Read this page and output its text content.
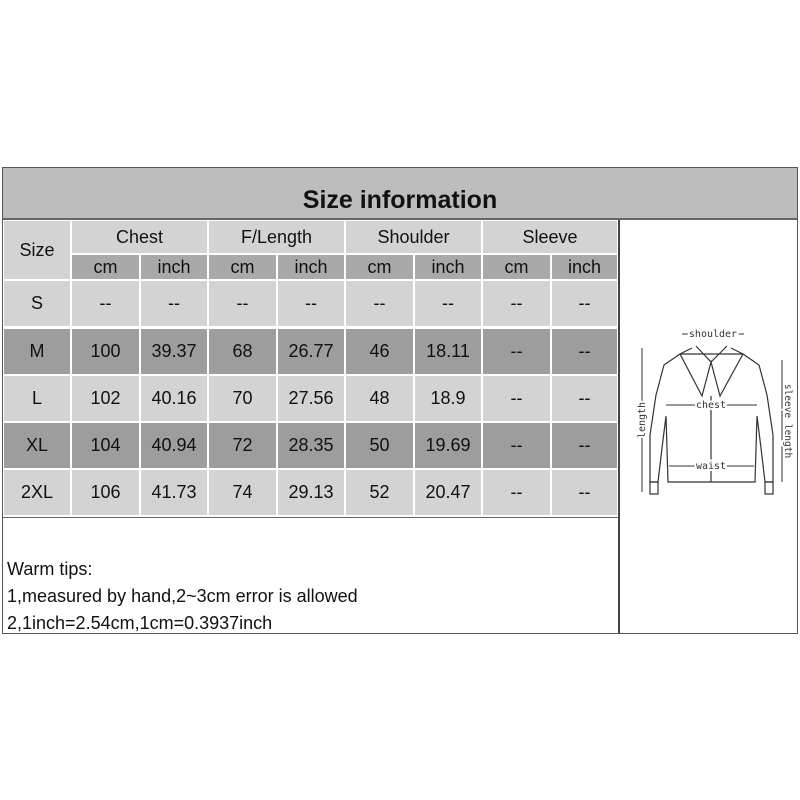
Size information
Size
Chest
cm	inch
F/Length
cm	inch
Shoulder
cm	inch
Sleeve
cm	inch
S	--	--	--	--	--	--	--	--
M	100	39.37	68	26.77	46	18.11	--	--
L	102	40.16	70	27.56	48	18.9	--	--
XL	104	40.94	72	28.35	50	19.69	--	--
2XL	106	41.73	74	29.13	52	20.47	--	--
Warm tips:
1,measured by hand,2~3cm error is allowed
2,1inch=2.54cm,1cm=0.3937inch
shoulder
chest
waist
length	sleeve length
